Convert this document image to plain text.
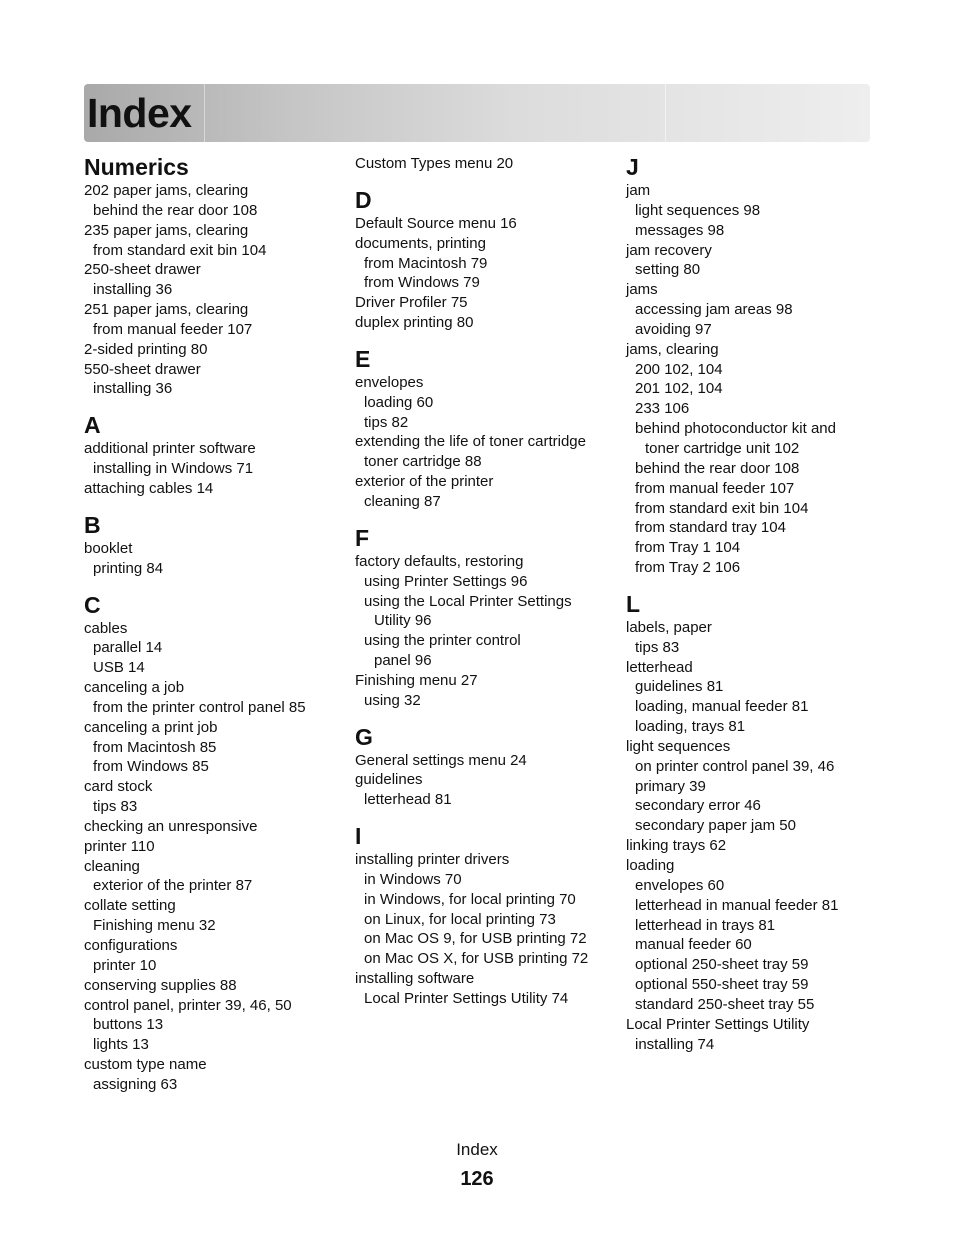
Index
Numerics
202 paper jams, clearing
behind the rear door 108
235 paper jams, clearing
from standard exit bin 104
250-sheet drawer
installing 36
251 paper jams, clearing
from manual feeder 107
2-sided printing 80
550-sheet drawer
installing 36
A
additional printer software
installing in Windows 71
attaching cables 14
B
booklet
printing 84
C
cables
parallel 14
USB 14
canceling a job
from the printer control panel 85
canceling a print job
from Macintosh 85
from Windows 85
card stock
tips 83
checking an unresponsive
printer 110
cleaning
exterior of the printer 87
collate setting
Finishing menu 32
configurations
printer 10
conserving supplies 88
control panel, printer 39, 46, 50
buttons 13
lights 13
custom type name
assigning 63
Custom Types menu 20
D
Default Source menu 16
documents, printing
from Macintosh 79
from Windows 79
Driver Profiler 75
duplex printing 80
E
envelopes
loading 60
tips 82
extending the life of toner cartridge
toner cartridge 88
exterior of the printer
cleaning 87
F
factory defaults, restoring
using Printer Settings 96
using the Local Printer Settings
Utility 96
using the printer control
panel 96
Finishing menu 27
using 32
G
General settings menu 24
guidelines
letterhead 81
I
installing printer drivers
in Windows 70
in Windows, for local printing 70
on Linux, for local printing 73
on Mac OS 9, for USB printing 72
on Mac OS X, for USB printing 72
installing software
Local Printer Settings Utility 74
J
jam
light sequences 98
messages 98
jam recovery
setting 80
jams
accessing jam areas 98
avoiding 97
jams, clearing
200 102, 104
201 102, 104
233 106
behind photoconductor kit and
toner cartridge unit 102
behind the rear door 108
from manual feeder 107
from standard exit bin 104
from standard tray 104
from Tray 1 104
from Tray 2 106
L
labels, paper
tips 83
letterhead
guidelines 81
loading, manual feeder 81
loading, trays 81
light sequences
on printer control panel 39, 46
primary 39
secondary error 46
secondary paper jam 50
linking trays 62
loading
envelopes 60
letterhead in manual feeder 81
letterhead in trays 81
manual feeder 60
optional 250-sheet tray 59
optional 550-sheet tray 59
standard 250-sheet tray 55
Local Printer Settings Utility
installing 74
Index
126
